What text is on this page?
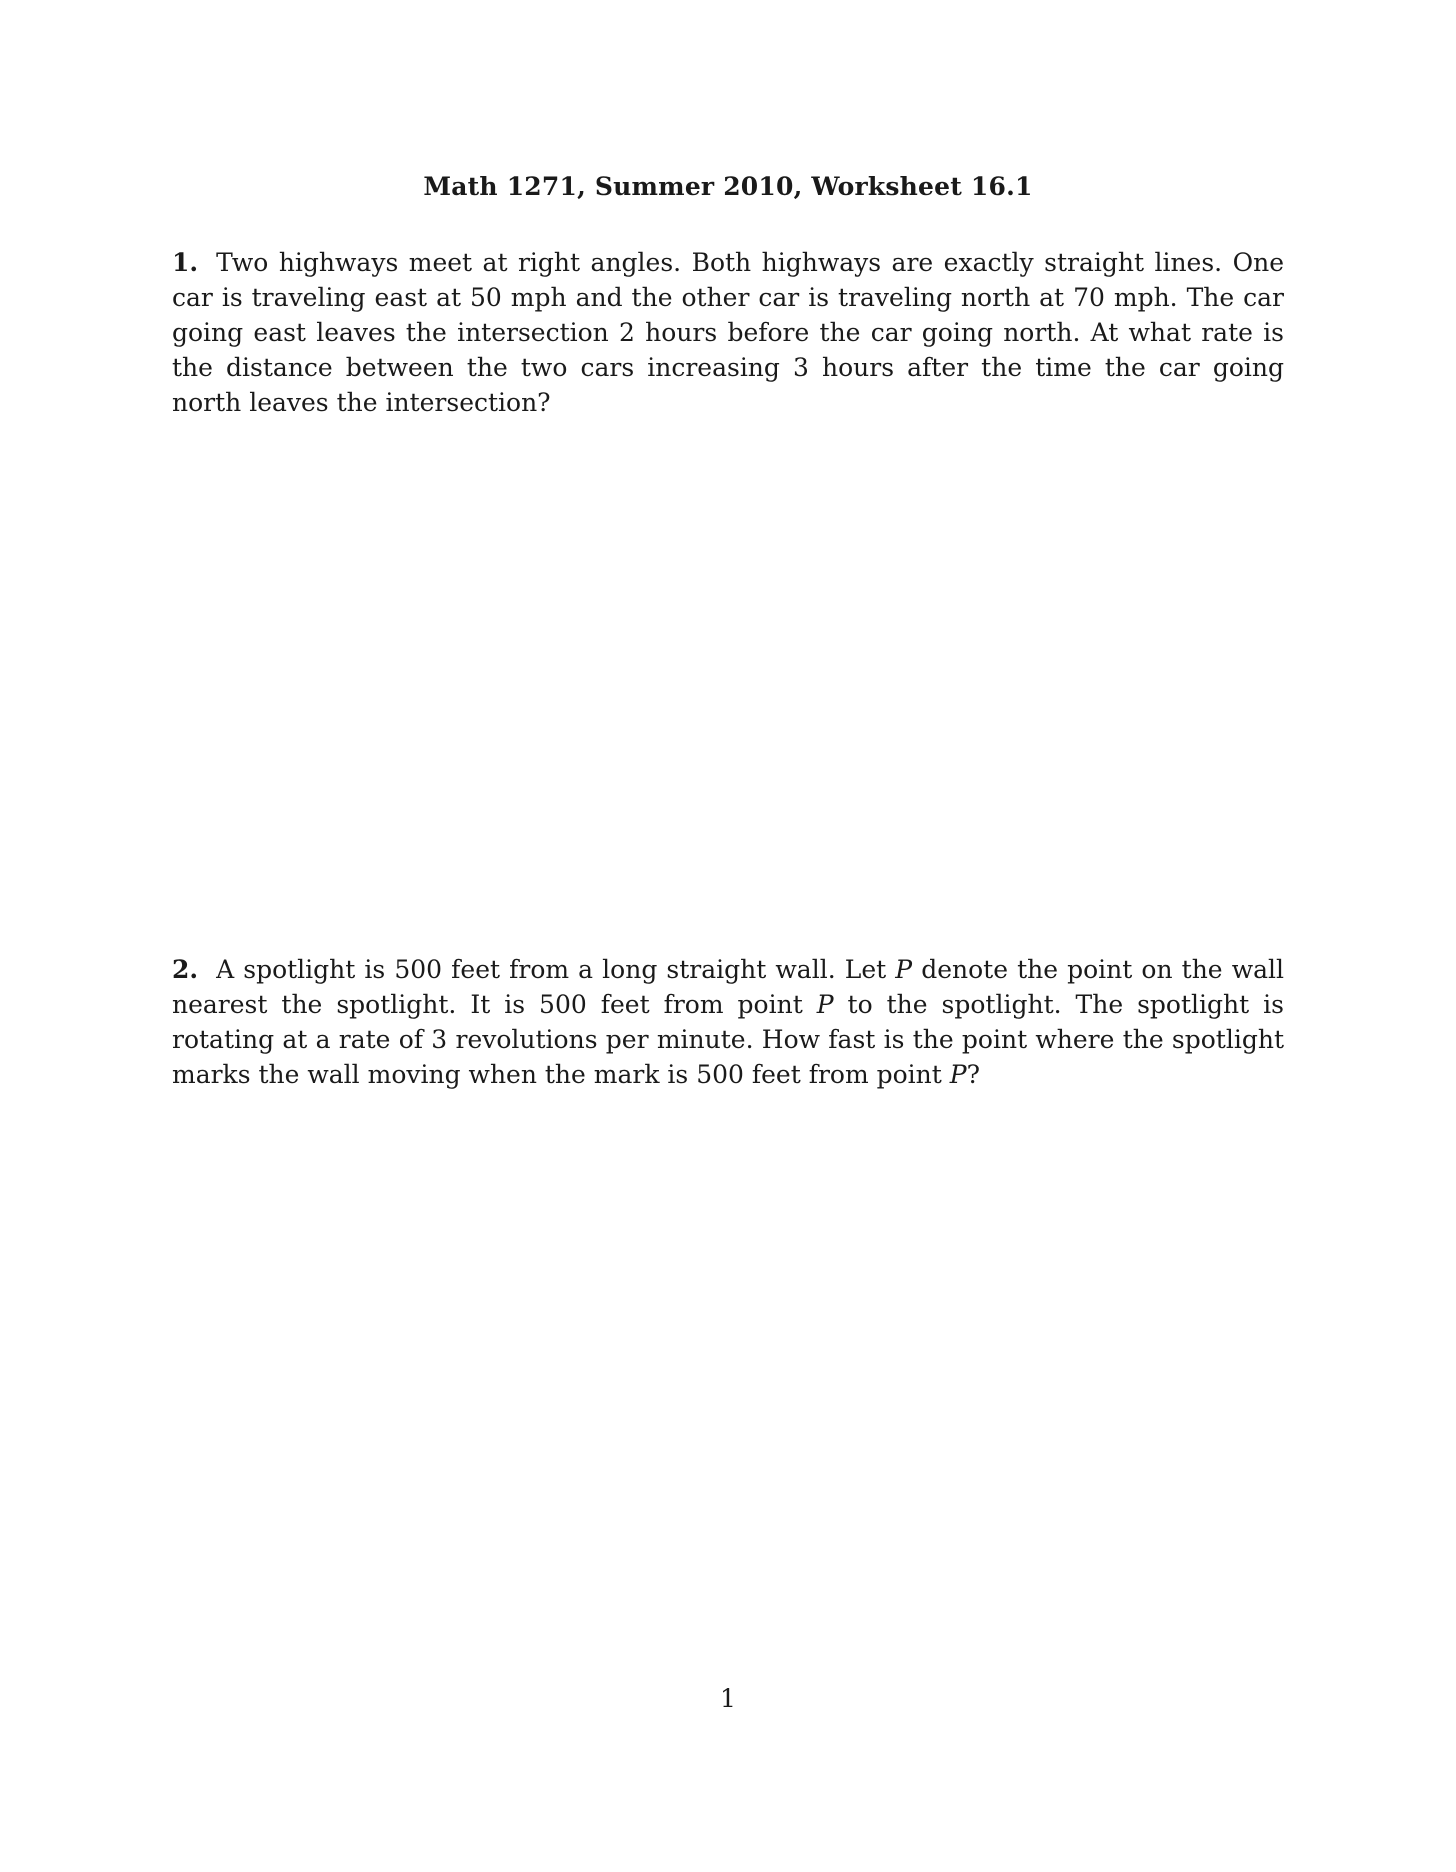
Math 1271, Summer 2010, Worksheet 16.1
1. Two highways meet at right angles. Both highways are exactly straight lines. One car is traveling east at 50 mph and the other car is traveling north at 70 mph. The car going east leaves the intersection 2 hours before the car going north. At what rate is the distance between the two cars increasing 3 hours after the time the car going north leaves the intersection?
2. A spotlight is 500 feet from a long straight wall. Let P denote the point on the wall nearest the spotlight. It is 500 feet from point P to the spotlight. The spotlight is rotating at a rate of 3 revolutions per minute. How fast is the point where the spotlight marks the wall moving when the mark is 500 feet from point P?
1
